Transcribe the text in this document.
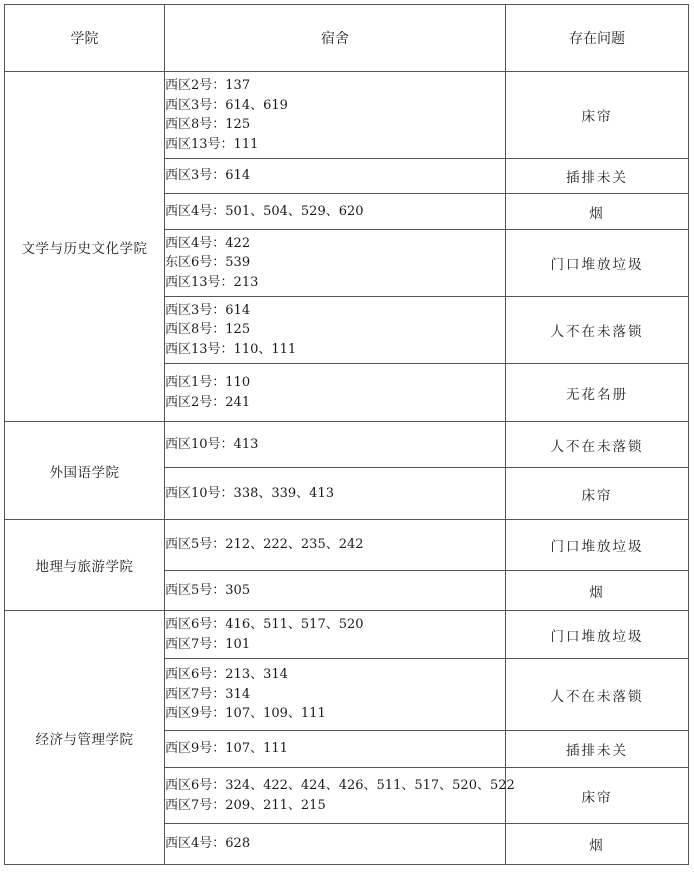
学院	宿舍	存在问题
文学与历史文化学院	西区2号：137
西区3号：614、619
西区8号：125
西区13号：111	床帘

	西区3号：614	插排未关

	西区4号：501、504、529、620	烟

	西区4号：422
东区6号：539
西区13号：213	门口堆放垃圾

	西区3号：614
西区8号：125
西区13号：110、111	人不在未落锁

	西区1号：110
西区2号：241	无花名册
外国语学院	西区10号：413	人不在未落锁

	西区10号：338、339、413	床帘
地理与旅游学院	西区5号：212、222、235、242	门口堆放垃圾

	西区5号：305	烟
经济与管理学院	西区6号：416、511、517、520
西区7号：101	门口堆放垃圾

	西区6号：213、314
西区7号：314
西区9号：107、109、111	人不在未落锁

	西区9号：107、111	插排未关

	西区6号：324、422、424、426、511、517、520、522
西区7号：209、211、215	床帘

	西区4号：628	烟
